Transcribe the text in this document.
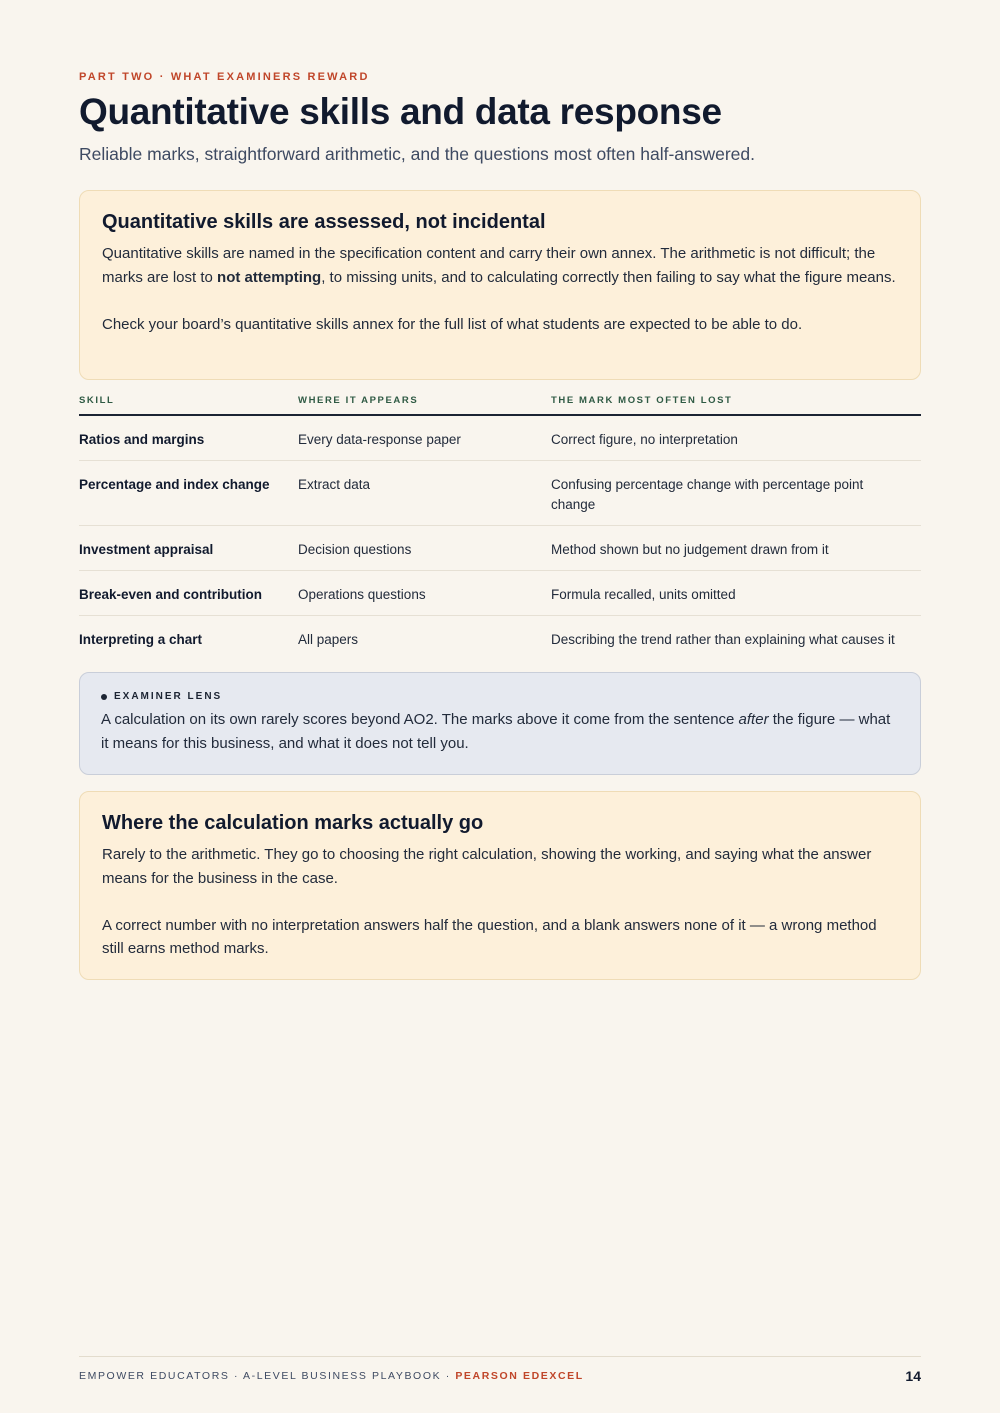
PART TWO · WHAT EXAMINERS REWARD
Quantitative skills and data response
Reliable marks, straightforward arithmetic, and the questions most often half-answered.
Quantitative skills are assessed, not incidental

Quantitative skills are named in the specification content and carry their own annex. The arithmetic is not difficult; the marks are lost to not attempting, to missing units, and to calculating correctly then failing to say what the figure means.

Check your board’s quantitative skills annex for the full list of what students are expected to be able to do.

SKILL	WHERE IT APPEARS	THE MARK MOST OFTEN LOST
Ratios and margins	Every data-response paper	Correct figure, no interpretation
Percentage and index change	Extract data	Confusing percentage change with percentage point change
Investment appraisal	Decision questions	Method shown but no judgement drawn from it
Break-even and contribution	Operations questions	Formula recalled, units omitted
Interpreting a chart	All papers	Describing the trend rather than explaining what causes it
EXAMINER LENS

A calculation on its own rarely scores beyond AO2. The marks above it come from the sentence after the figure — what it means for this business, and what it does not tell you.

Where the calculation marks actually go

Rarely to the arithmetic. They go to choosing the right calculation, showing the working, and saying what the answer means for the business in the case.

A correct number with no interpretation answers half the question, and a blank answers none of it — a wrong method still earns method marks.

EMPOWER EDUCATORS · A-LEVEL BUSINESS PLAYBOOK · PEARSON EDEXCEL	14
